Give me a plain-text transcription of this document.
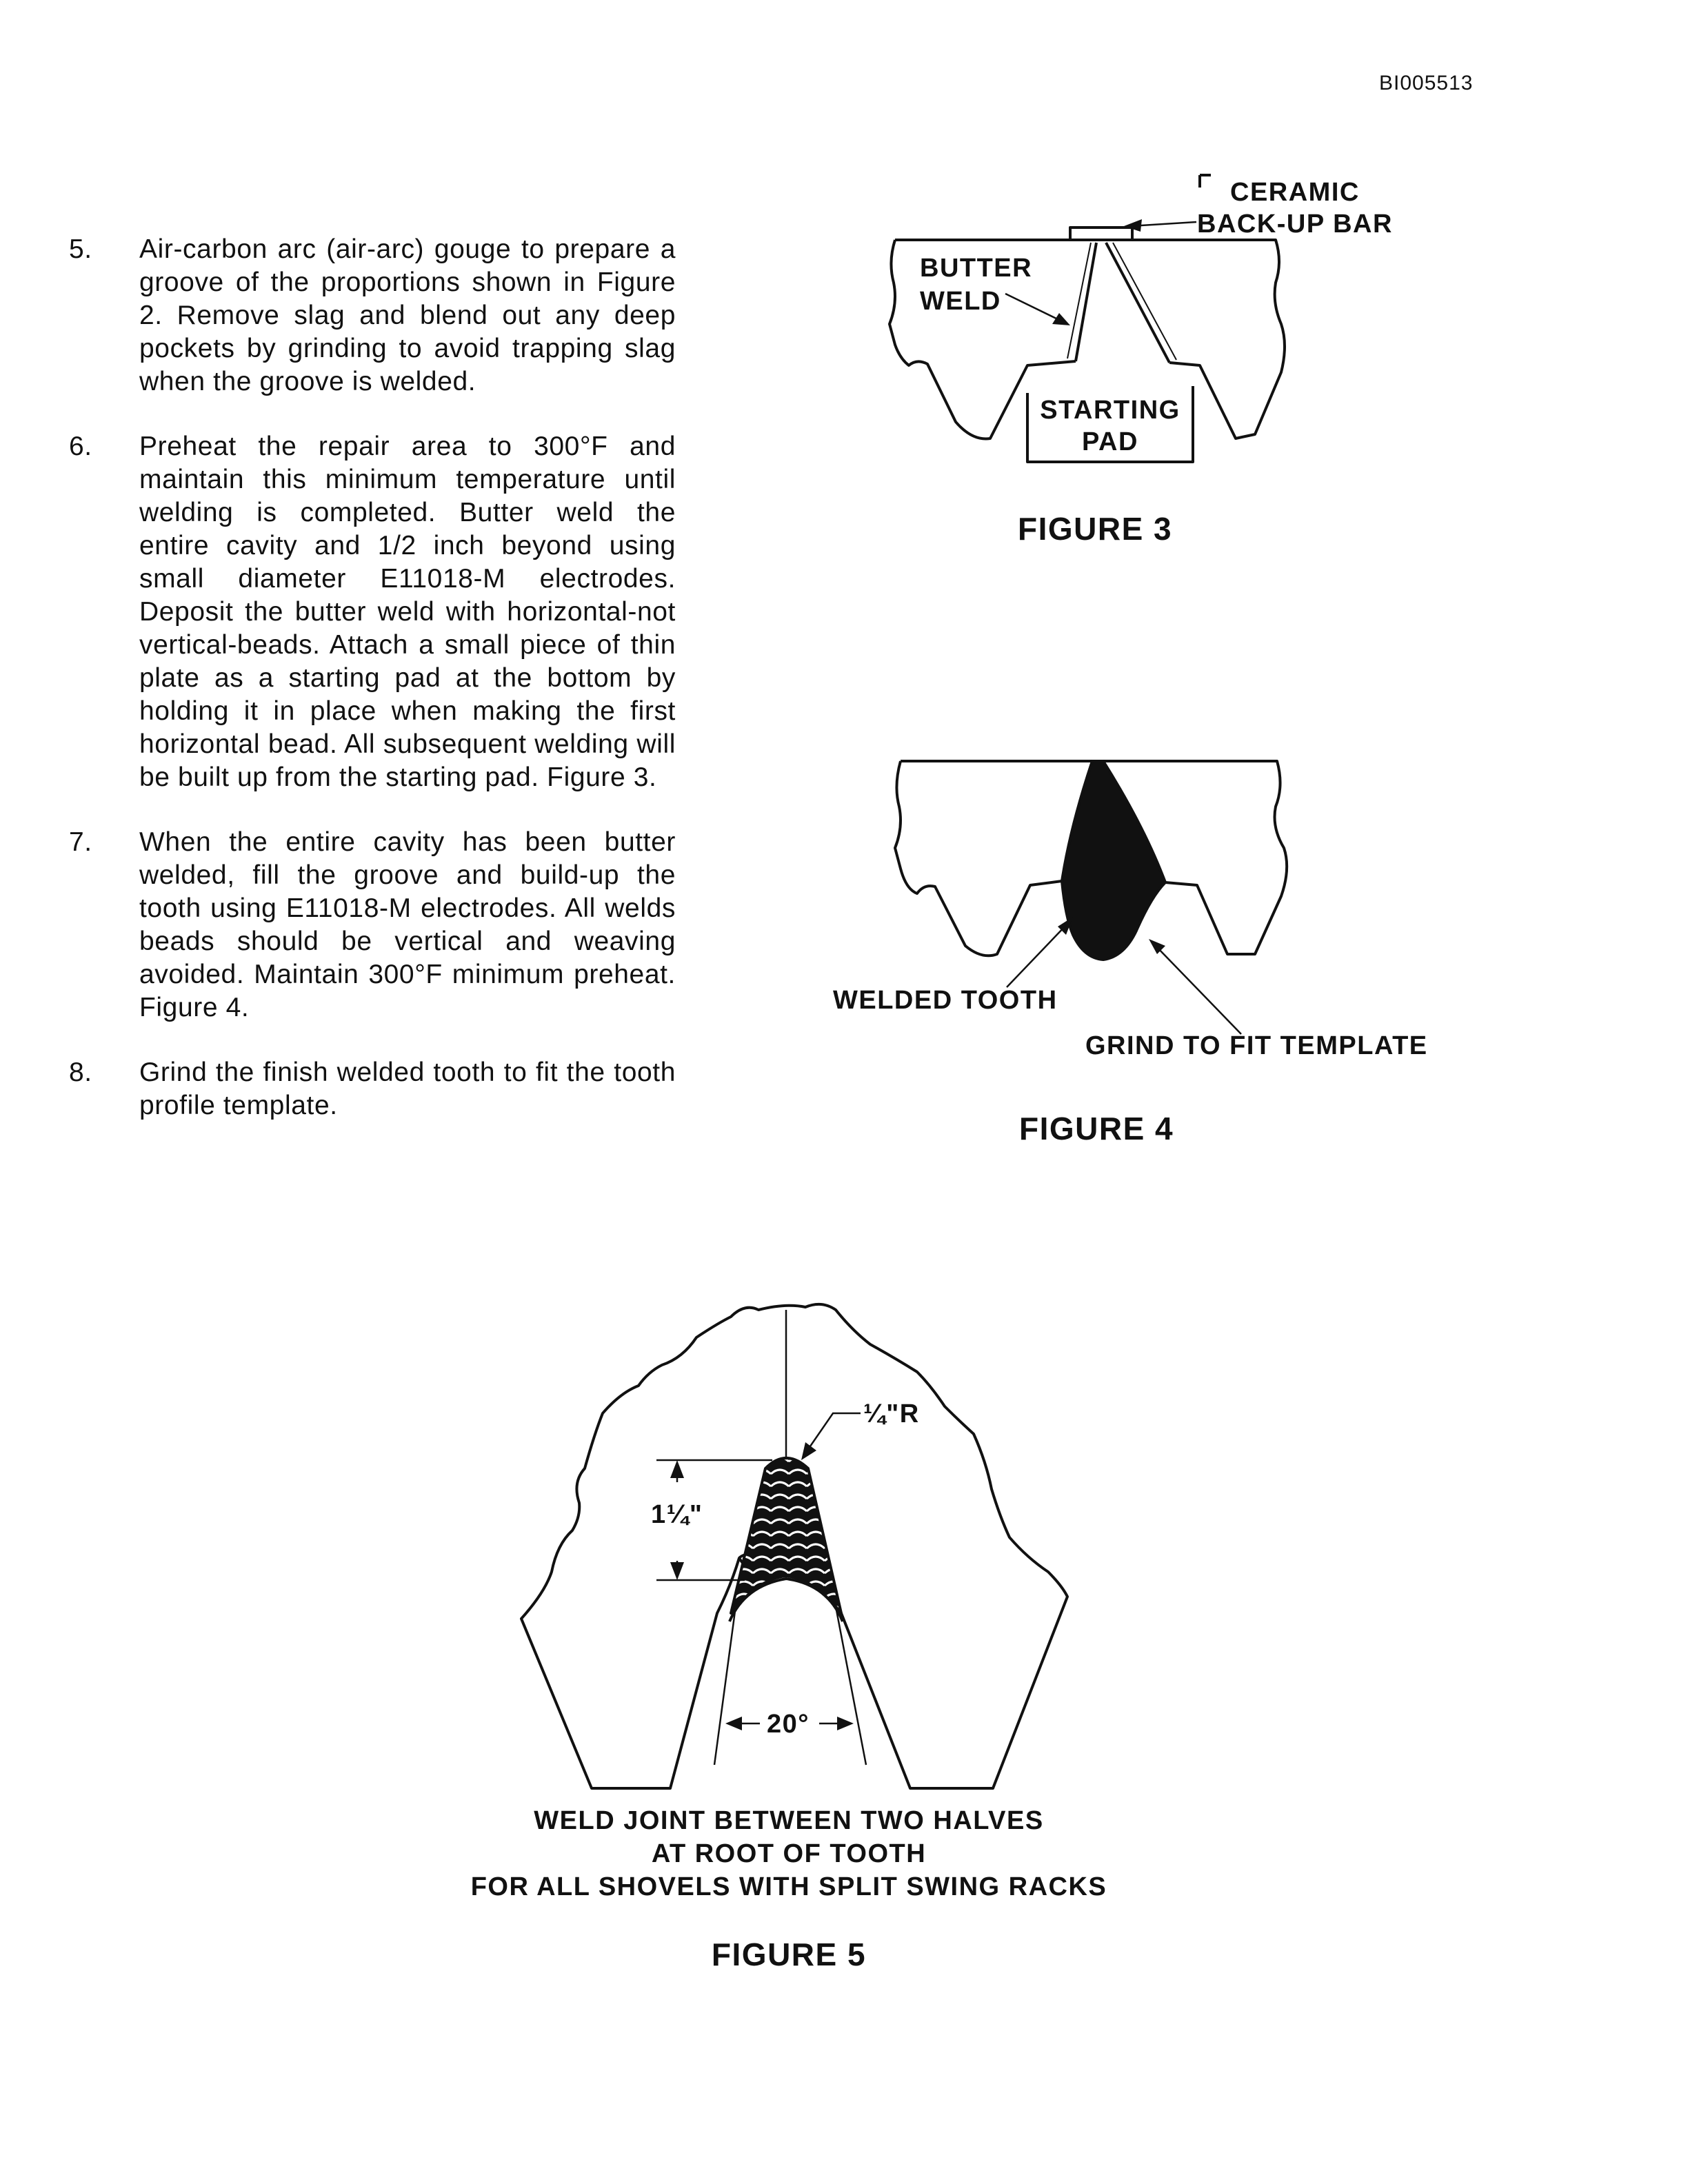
BI005513
5.	Air-carbon arc (air-arc) gouge to prepare a groove of the proportions shown in Figure 2. Remove slag and blend out any deep pockets by grinding to avoid trapping slag when the groove is welded.
6.	Preheat the repair area to 300°F and maintain this minimum temperature until welding is completed. Butter weld the entire cavity and 1/2 inch beyond using small diameter E11018-M electrodes. Deposit the butter weld with horizontal-not vertical-beads. Attach a small piece of thin plate as a starting pad at the bottom by holding it in place when making the first horizontal bead. All subsequent welding will be built up from the starting pad. Figure 3.
7.	When the entire cavity has been butter welded, fill the groove and build-up the tooth using E11018-M electrodes. All welds beads should be vertical and weaving avoided. Maintain 300°F minimum preheat. Figure 4.
8.	Grind the finish welded tooth to fit the tooth profile template.
CERAMIC
BACK-UP BAR
BUTTER
WELD
STARTING
PAD
FIGURE 3
WELDED TOOTH
GRIND TO FIT TEMPLATE
FIGURE 4
¼"R
1¼"
20°
WELD JOINT BETWEEN TWO HALVES
AT ROOT OF TOOTH
FOR ALL SHOVELS WITH SPLIT SWING RACKS
FIGURE 5
